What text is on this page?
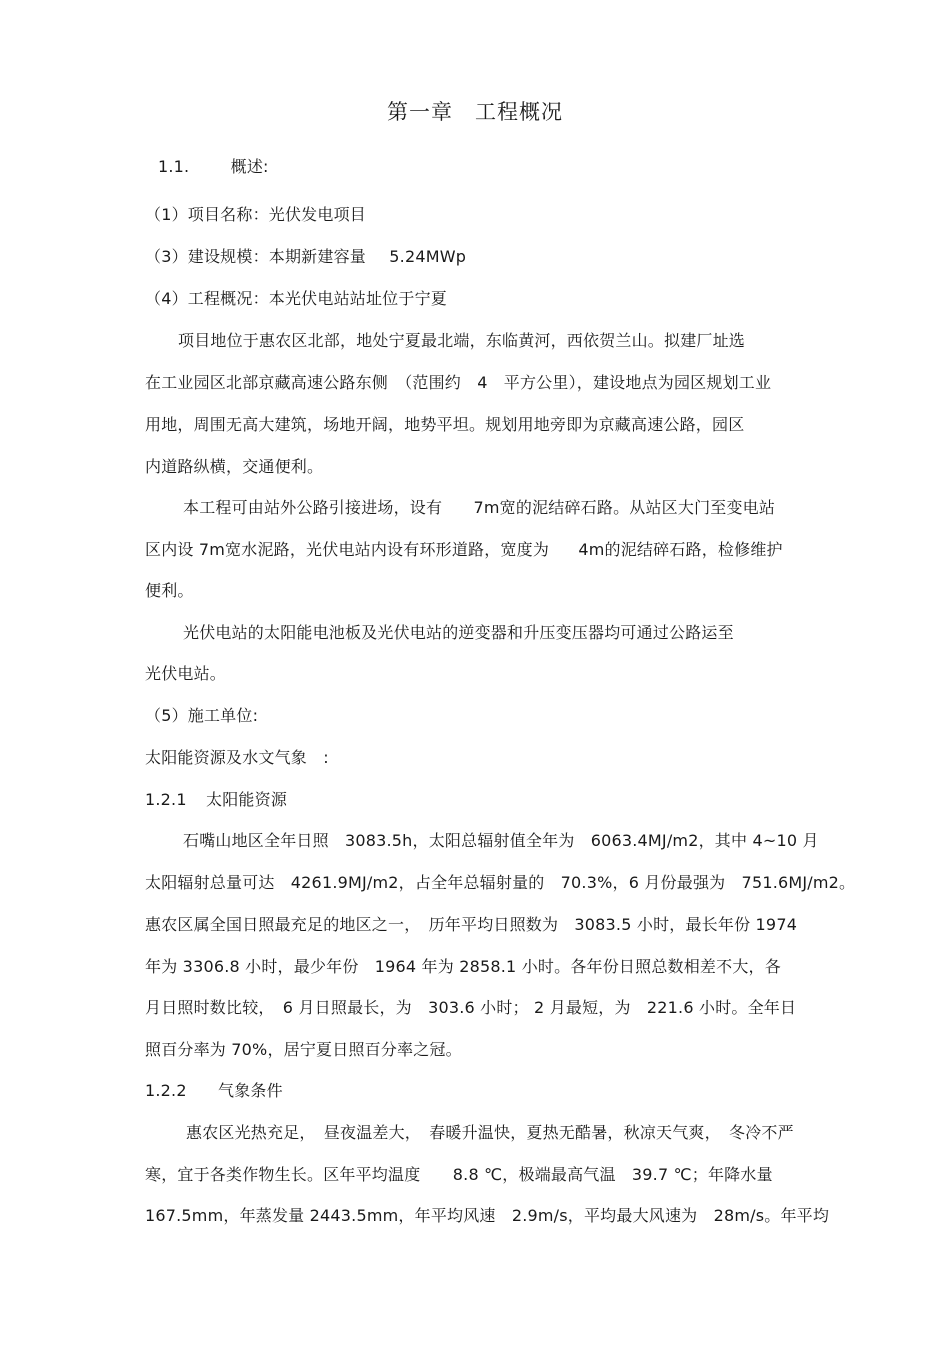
第一章　工程概况
1.1.	概述:
（1）项目名称：光伏发电项目
（3）建设规模：本期新建容量 5.24MWp
（4）工程概况：本光伏电站站址位于宁夏
项目地位于惠农区北部，地处宁夏最北端，东临黄河，西依贺兰山。拟建厂址选
在工业园区北部京藏高速公路东侧　（范围约　4　平方公里），建设地点为园区规划工业
用地，周围无高大建筑，场地开阔，地势平坦。规划用地旁即为京藏高速公路，园区
内道路纵横，交通便利。
本工程可由站外公路引接进场，设有 7m宽的泥结碎石路。从站区大门至变电站
区内设 7m宽水泥路，光伏电站内设有环形道路，宽度为 4m的泥结碎石路，检修维护
便利。
光伏电站的太阳能电池板及光伏电站的逆变器和升压变压器均可通过公路运至
光伏电站。
（5）施工单位:
太阳能资源及水文气象　:
1.2.1 太阳能资源
石嘴山地区全年日照　3083.5h，太阳总辐射值全年为　6063.4MJ/m2，其中 4~10 月
太阳辐射总量可达　4261.9MJ/m2，占全年总辐射量的　70.3%，6 月份最强为　751.6MJ/m2。
惠农区属全国日照最充足的地区之一，　历年平均日照数为　3083.5 小时，最长年份 1974
年为 3306.8 小时，最少年份　1964 年为 2858.1 小时。各年份日照总数相差不大，各
月日照时数比较，　6 月日照最长，为　303.6 小时； 2 月最短，为　221.6 小时。全年日
照百分率为 70%，居宁夏日照百分率之冠。
1.2.2 气象条件
惠农区光热充足，　昼夜温差大，　春暖升温快，夏热无酷暑，秋凉天气爽，　冬冷不严
寒，宜于各类作物生长。区年平均温度　　8.8 ℃，极端最高气温　39.7 ℃；年降水量
167.5mm，年蒸发量 2443.5mm，年平均风速　2.9m/s，平均最大风速为　28m/s。年平均
